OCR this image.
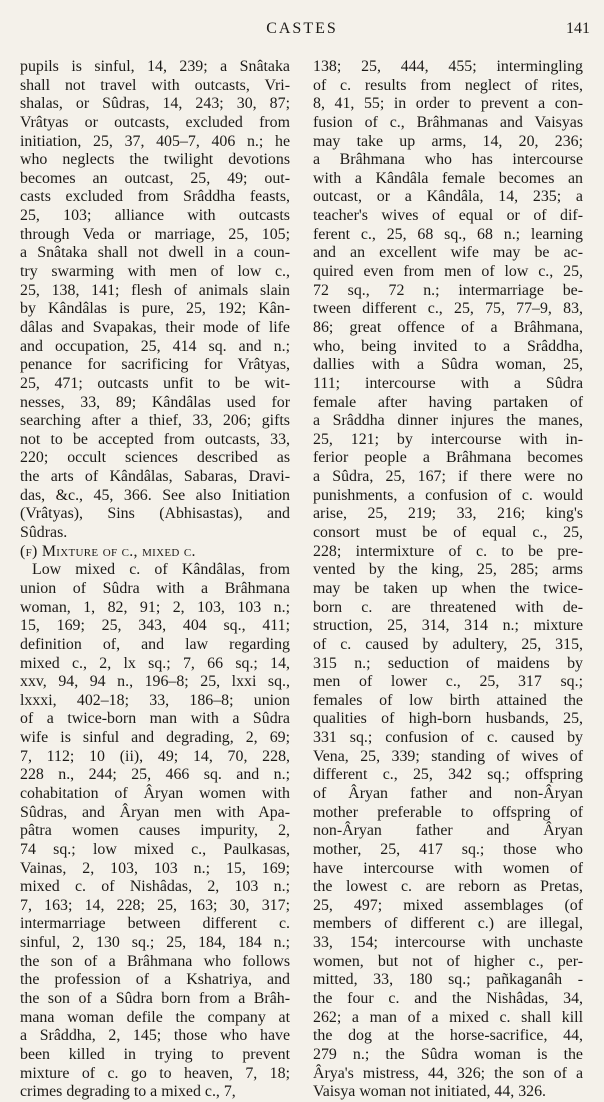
CASTES	141
pupils is sinful, 14, 239; a Snâtaka
shall not travel with outcasts, Vri-
shalas, or Sûdras, 14, 243; 30, 87;
Vrâtyas or outcasts, excluded from
initiation, 25, 37, 405–7, 406 n.; he
who neglects the twilight devotions
becomes an outcast, 25, 49; out-
casts excluded from Srâddha feasts,
25, 103; alliance with outcasts
through Veda or marriage, 25, 105;
a Snâtaka shall not dwell in a coun-
try swarming with men of low c.,
25, 138, 141; flesh of animals slain
by Kândâlas is pure, 25, 192; Kân-
dâlas and Svapakas, their mode of life
and occupation, 25, 414 sq. and n.;
penance for sacrificing for Vrâtyas,
25, 471; outcasts unfit to be wit-
nesses, 33, 89; Kândâlas used for
searching after a thief, 33, 206; gifts
not to be accepted from outcasts, 33,
220; occult sciences described as
the arts of Kândâlas, Sabaras, Dravi-
das, &c., 45, 366. See also Initiation
(Vrâtyas), Sins (Abhisastas), and
Sûdras.
(f) Mixture of c., mixed c.
Low mixed c. of Kândâlas, from
union of Sûdra with a Brâhmana
woman, 1, 82, 91; 2, 103, 103 n.;
15, 169; 25, 343, 404 sq., 411;
definition of, and law regarding
mixed c., 2, lx sq.; 7, 66 sq.; 14,
xxv, 94, 94 n., 196–8; 25, lxxi sq.,
lxxxi, 402–18; 33, 186–8; union
of a twice-born man with a Sûdra
wife is sinful and degrading, 2, 69;
7, 112; 10 (ii), 49; 14, 70, 228,
228 n., 244; 25, 466 sq. and n.;
cohabitation of Âryan women with
Sûdras, and Âryan men with Apa-
pâtra women causes impurity, 2,
74 sq.; low mixed c., Paulkasas,
Vainas, 2, 103, 103 n.; 15, 169;
mixed c. of Nishâdas, 2, 103 n.;
7, 163; 14, 228; 25, 163; 30, 317;
intermarriage between different c.
sinful, 2, 130 sq.; 25, 184, 184 n.;
the son of a Brâhmana who follows
the profession of a Kshatriya, and
the son of a Sûdra born from a Brâh-
mana woman defile the company at
a Srâddha, 2, 145; those who have
been killed in trying to prevent
mixture of c. go to heaven, 7, 18;
crimes degrading to a mixed c., 7,
138; 25, 444, 455; intermingling
of c. results from neglect of rites,
8, 41, 55; in order to prevent a con-
fusion of c., Brâhmanas and Vaisyas
may take up arms, 14, 20, 236;
a Brâhmana who has intercourse
with a Kândâla female becomes an
outcast, or a Kândâla, 14, 235; a
teacher's wives of equal or of dif-
ferent c., 25, 68 sq., 68 n.; learning
and an excellent wife may be ac-
quired even from men of low c., 25,
72 sq., 72 n.; intermarriage be-
tween different c., 25, 75, 77–9, 83,
86; great offence of a Brâhmana,
who, being invited to a Srâddha,
dallies with a Sûdra woman, 25,
111; intercourse with a Sûdra
female after having partaken of
a Srâddha dinner injures the manes,
25, 121; by intercourse with in-
ferior people a Brâhmana becomes
a Sûdra, 25, 167; if there were no
punishments, a confusion of c. would
arise, 25, 219; 33, 216; king's
consort must be of equal c., 25,
228; intermixture of c. to be pre-
vented by the king, 25, 285; arms
may be taken up when the twice-
born c. are threatened with de-
struction, 25, 314, 314 n.; mixture
of c. caused by adultery, 25, 315,
315 n.; seduction of maidens by
men of lower c., 25, 317 sq.;
females of low birth attained the
qualities of high-born husbands, 25,
331 sq.; confusion of c. caused by
Vena, 25, 339; standing of wives of
different c., 25, 342 sq.; offspring
of Âryan father and non-Âryan
mother preferable to offspring of
non-Âryan father and Âryan
mother, 25, 417 sq.; those who
have intercourse with women of
the lowest c. are reborn as Pretas,
25, 497; mixed assemblages (of
members of different c.) are illegal,
33, 154; intercourse with unchaste
women, but not of higher c., per-
mitted, 33, 180 sq.; pañkaganâh -
the four c. and the Nishâdas, 34,
262; a man of a mixed c. shall kill
the dog at the horse-sacrifice, 44,
279 n.; the Sûdra woman is the
Ârya's mistress, 44, 326; the son of a
Vaisya woman not initiated, 44, 326.
